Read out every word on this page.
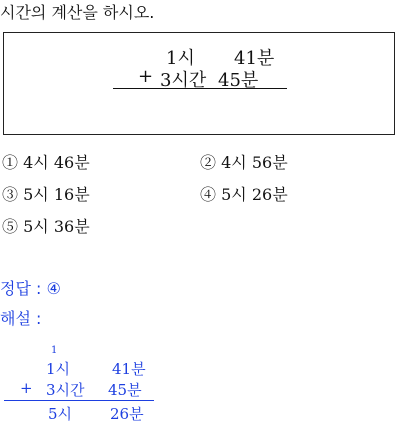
시간의 계산을 하시오.
1시 41분
+ 3시간 45분
① 4시 46분	② 4시 56분
③ 5시 16분	④ 5시 26분
⑤ 5시 36분
정답 : ④
해설 :
1
1시	41분
+ 3시간 45분
5시	26분
